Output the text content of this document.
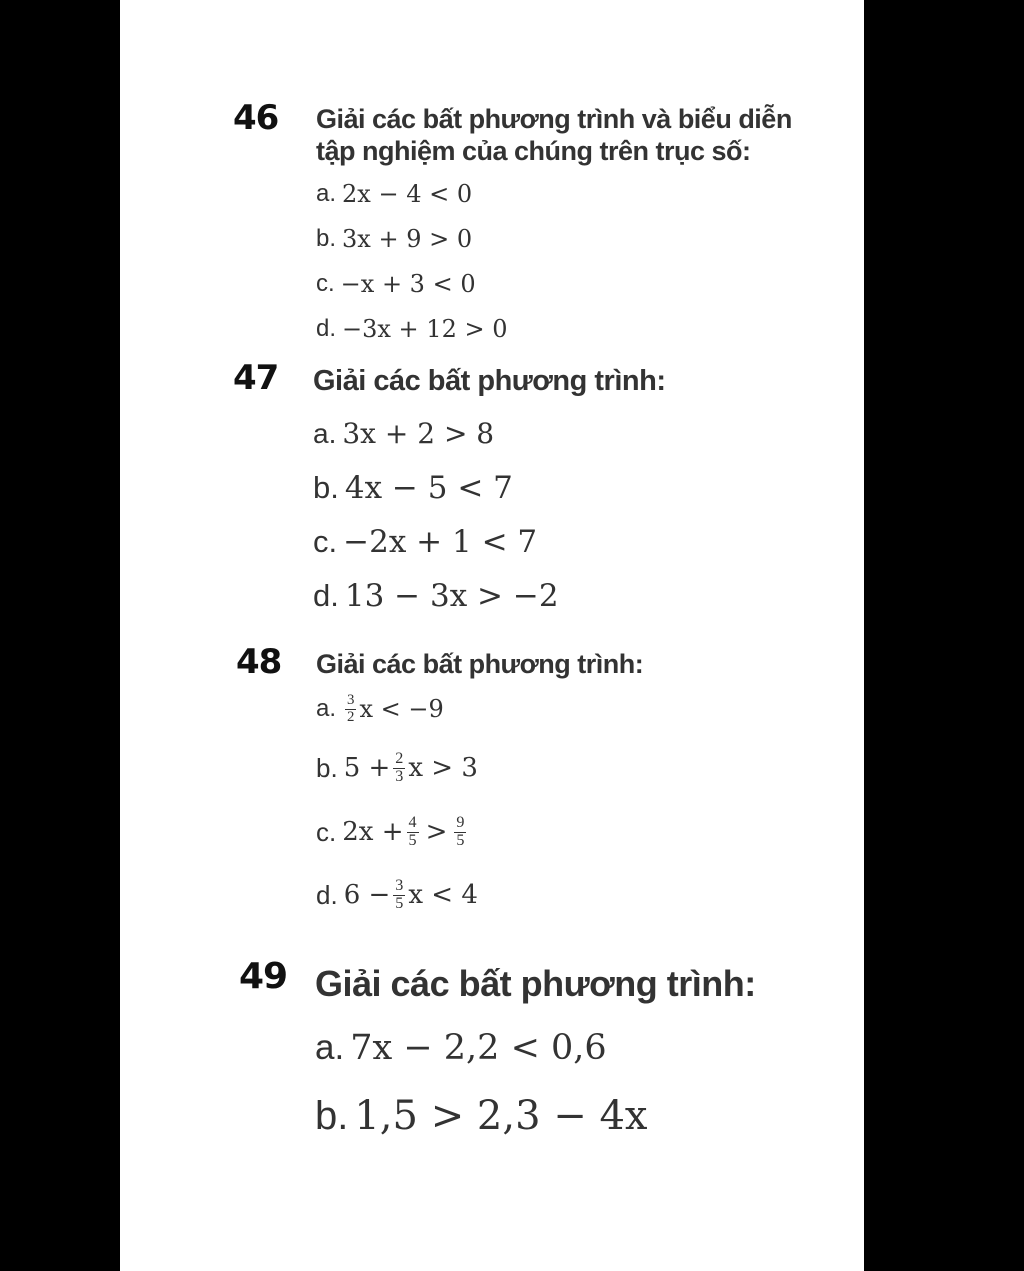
46 Giải các bất phương trình và biểu diễn tập nghiệm của chúng trên trục số:
a. 2x − 4 < 0
b. 3x + 9 > 0
c. −x + 3 < 0
d. −3x + 12 > 0
47 Giải các bất phương trình:
a. 3x + 2 > 8
b. 4x − 5 < 7
c. −2x + 1 < 7
d. 13 − 3x > −2
48 Giải các bất phương trình:
a. $\frac{3}{2}$ x < −9
b. $5 + \frac{2}{3}$ x > 3
c. $2x + \frac{4}{5} > \frac{9}{5}$
d. $6 - \frac{3}{5}$ x < 4
49 Giải các bất phương trình:
a. 7x − 2,2 < 0,6
b. 1,5 > 2,3 − 4x
